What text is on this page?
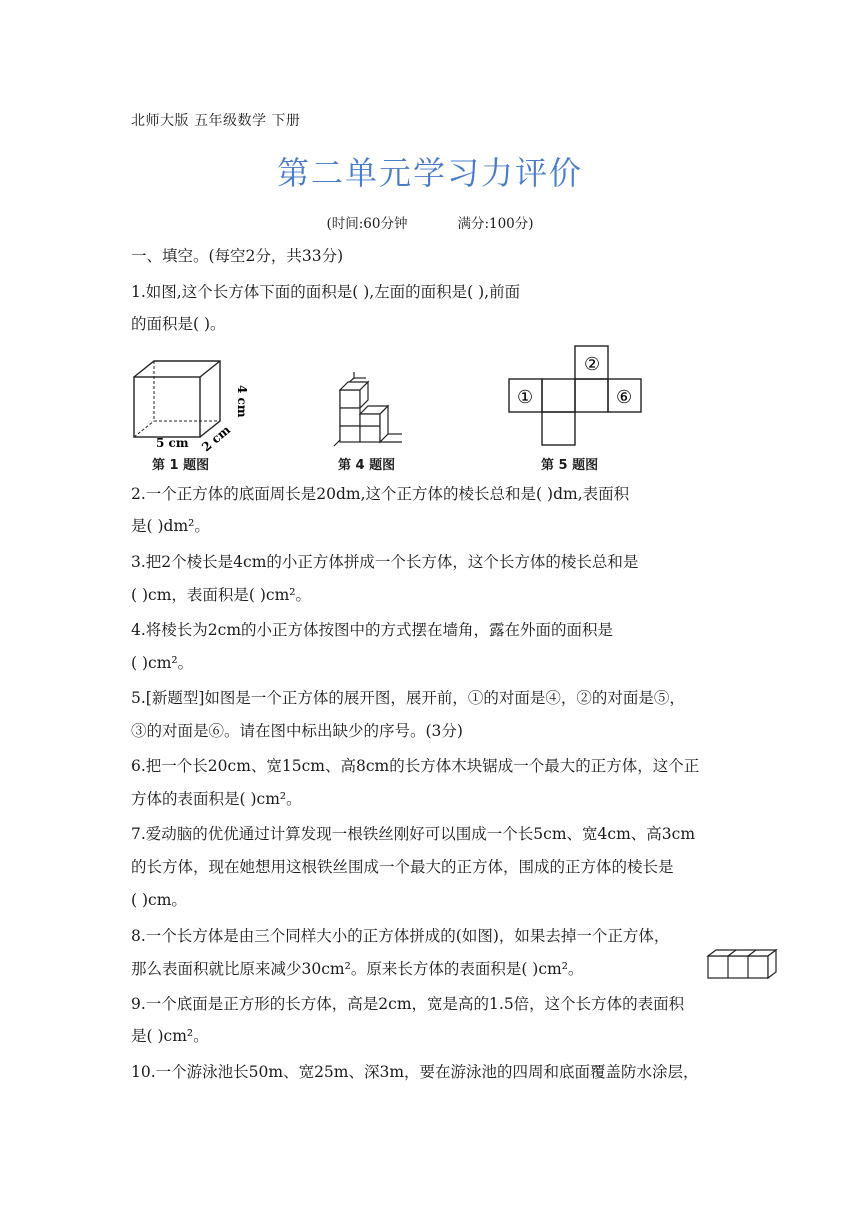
北师大版 五年级数学 下册
第二单元学习力评价
(时间:60分钟	满分:100分)
一、填空。(每空2分，共33分)
1.如图,这个长方体下面的面积是( ),左面的面积是( ),前面
的面积是( )。
5 cm 2 cm
4 cm
第 1 题图	第 4 题图
②
①	⑥
第 5 题图
2.一个正方体的底面周长是20dm,这个正方体的棱长总和是( )dm,表面积
是( )dm²。
3.把2个棱长是4cm的小正方体拼成一个长方体，这个长方体的棱长总和是
( )cm，表面积是( )cm²。
4.将棱长为2cm的小正方体按图中的方式摆在墙角，露在外面的面积是
( )cm²。
5.[新题型]如图是一个正方体的展开图，展开前，①的对面是④，②的对面是⑤，
③的对面是⑥。请在图中标出缺少的序号。(3分)
6.把一个长20cm、宽15cm、高8cm的长方体木块锯成一个最大的正方体，这个正
方体的表面积是( )cm²。
7.爱动脑的优优通过计算发现一根铁丝刚好可以围成一个长5cm、宽4cm、高3cm
的长方体，现在她想用这根铁丝围成一个最大的正方体，围成的正方体的棱长是
( )cm。
8.一个长方体是由三个同样大小的正方体拼成的(如图)，如果去掉一个正方体，
那么表面积就比原来减少30cm²。原来长方体的表面积是( )cm²。
9.一个底面是正方形的长方体，高是2cm，宽是高的1.5倍，这个长方体的表面积
是( )cm²。
10.一个游泳池长50m、宽25m、深3m，要在游泳池的四周和底面覆盖防水涂层，
